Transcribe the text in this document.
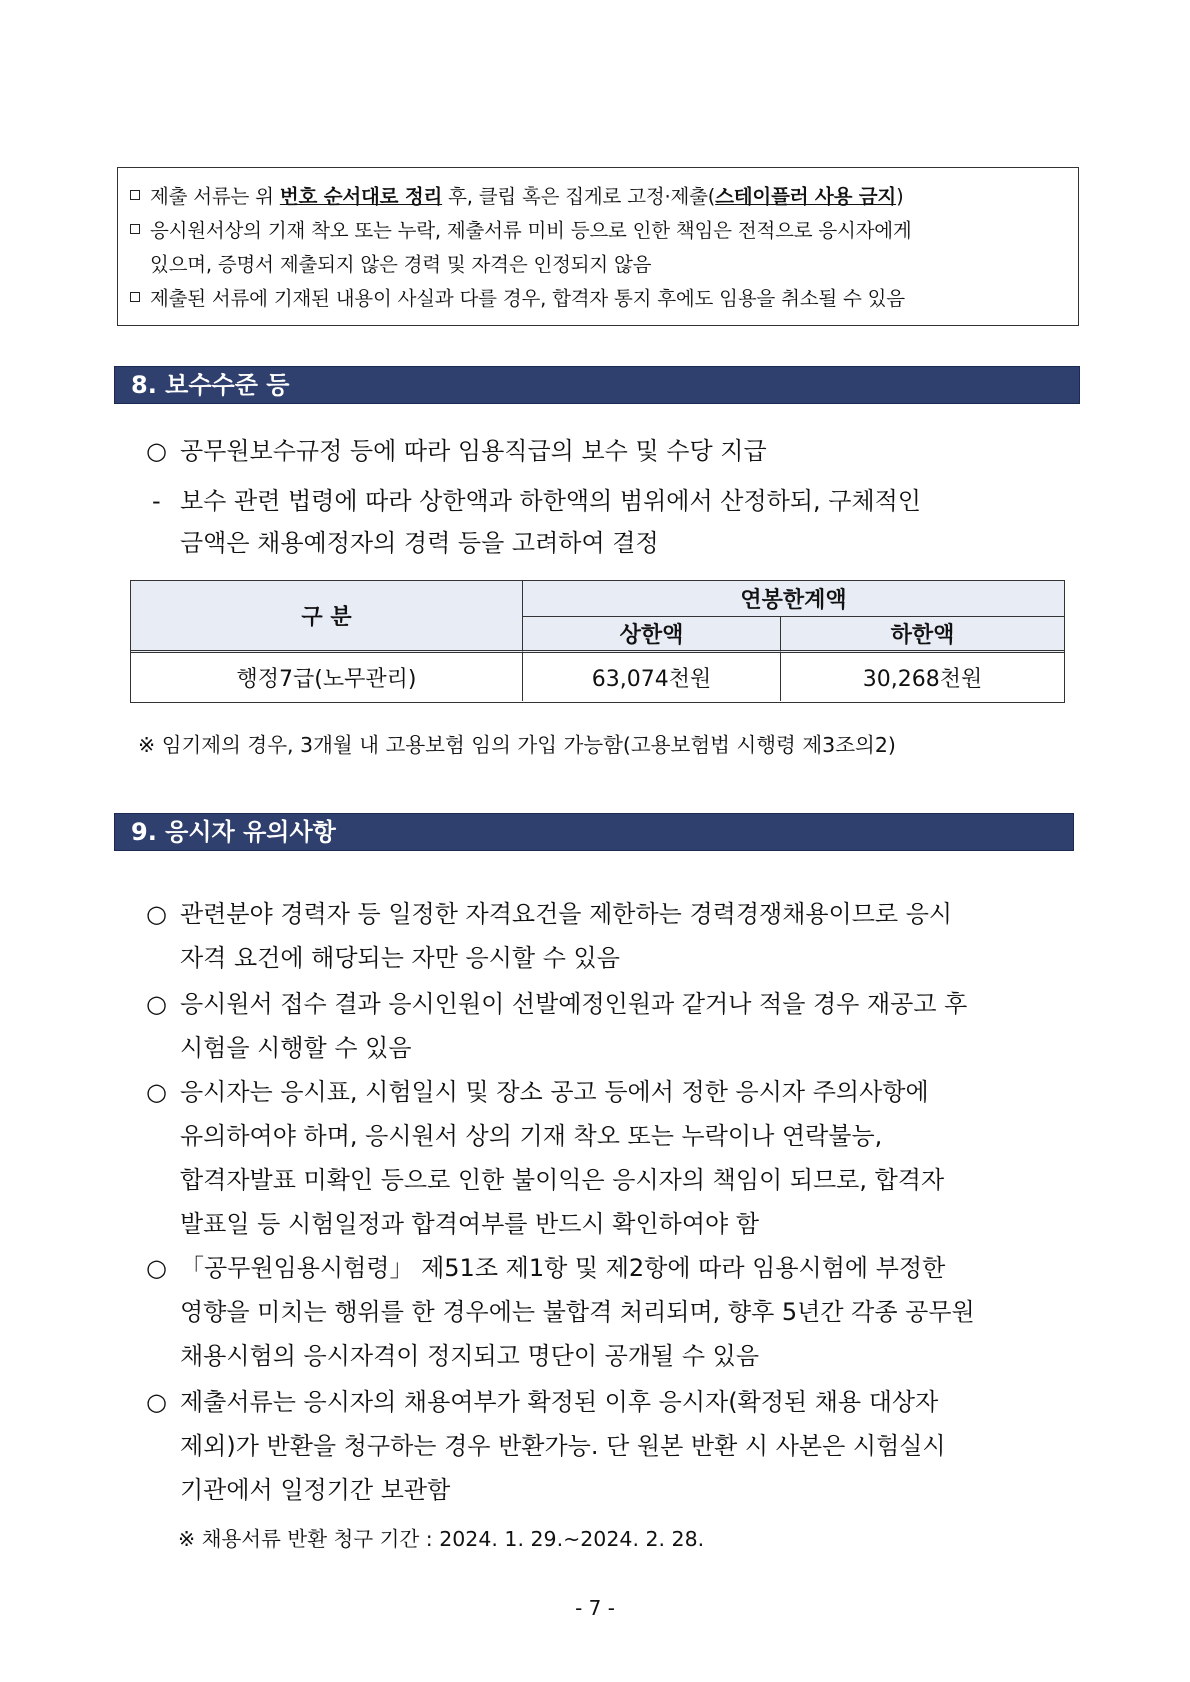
제출 서류는 위 번호 순서대로 정리 후, 클립 혹은 집게로 고정·제출(스테이플러 사용 금지)
응시원서상의 기재 착오 또는 누락, 제출서류 미비 등으로 인한 책임은 전적으로 응시자에게
있으며, 증명서 제출되지 않은 경력 및 자격은 인정되지 않음
제출된 서류에 기재된 내용이 사실과 다를 경우, 합격자 통지 후에도 임용을 취소될 수 있음
8. 보수수준 등
○ 공무원보수규정 등에 따라 임용직급의 보수 및 수당 지급
- 보수 관련 법령에 따라 상한액과 하한액의 범위에서 산정하되, 구체적인
금액은 채용예정자의 경력 등을 고려하여 결정
구 분
연봉한계액
상한액	하한액
행정7급(노무관리)	63,074천원	30,268천원
※ 임기제의 경우, 3개월 내 고용보험 임의 가입 가능함(고용보험법 시행령 제3조의2)
9. 응시자 유의사항
○ 관련분야 경력자 등 일정한 자격요건을 제한하는 경력경쟁채용이므로 응시
자격 요건에 해당되는 자만 응시할 수 있음
○ 응시원서 접수 결과 응시인원이 선발예정인원과 같거나 적을 경우 재공고 후
시험을 시행할 수 있음
○ 응시자는 응시표, 시험일시 및 장소 공고 등에서 정한 응시자 주의사항에
유의하여야 하며, 응시원서 상의 기재 착오 또는 누락이나 연락불능,
합격자발표 미확인 등으로 인한 불이익은 응시자의 책임이 되므로, 합격자
발표일 등 시험일정과 합격여부를 반드시 확인하여야 함
○ 「공무원임용시험령」 제51조 제1항 및 제2항에 따라 임용시험에 부정한
영향을 미치는 행위를 한 경우에는 불합격 처리되며, 향후 5년간 각종 공무원
채용시험의 응시자격이 정지되고 명단이 공개될 수 있음
○ 제출서류는 응시자의 채용여부가 확정된 이후 응시자(확정된 채용 대상자
제외)가 반환을 청구하는 경우 반환가능. 단 원본 반환 시 사본은 시험실시
기관에서 일정기간 보관함
※ 채용서류 반환 청구 기간 : 2024. 1. 29.~2024. 2. 28.
- 7 -
